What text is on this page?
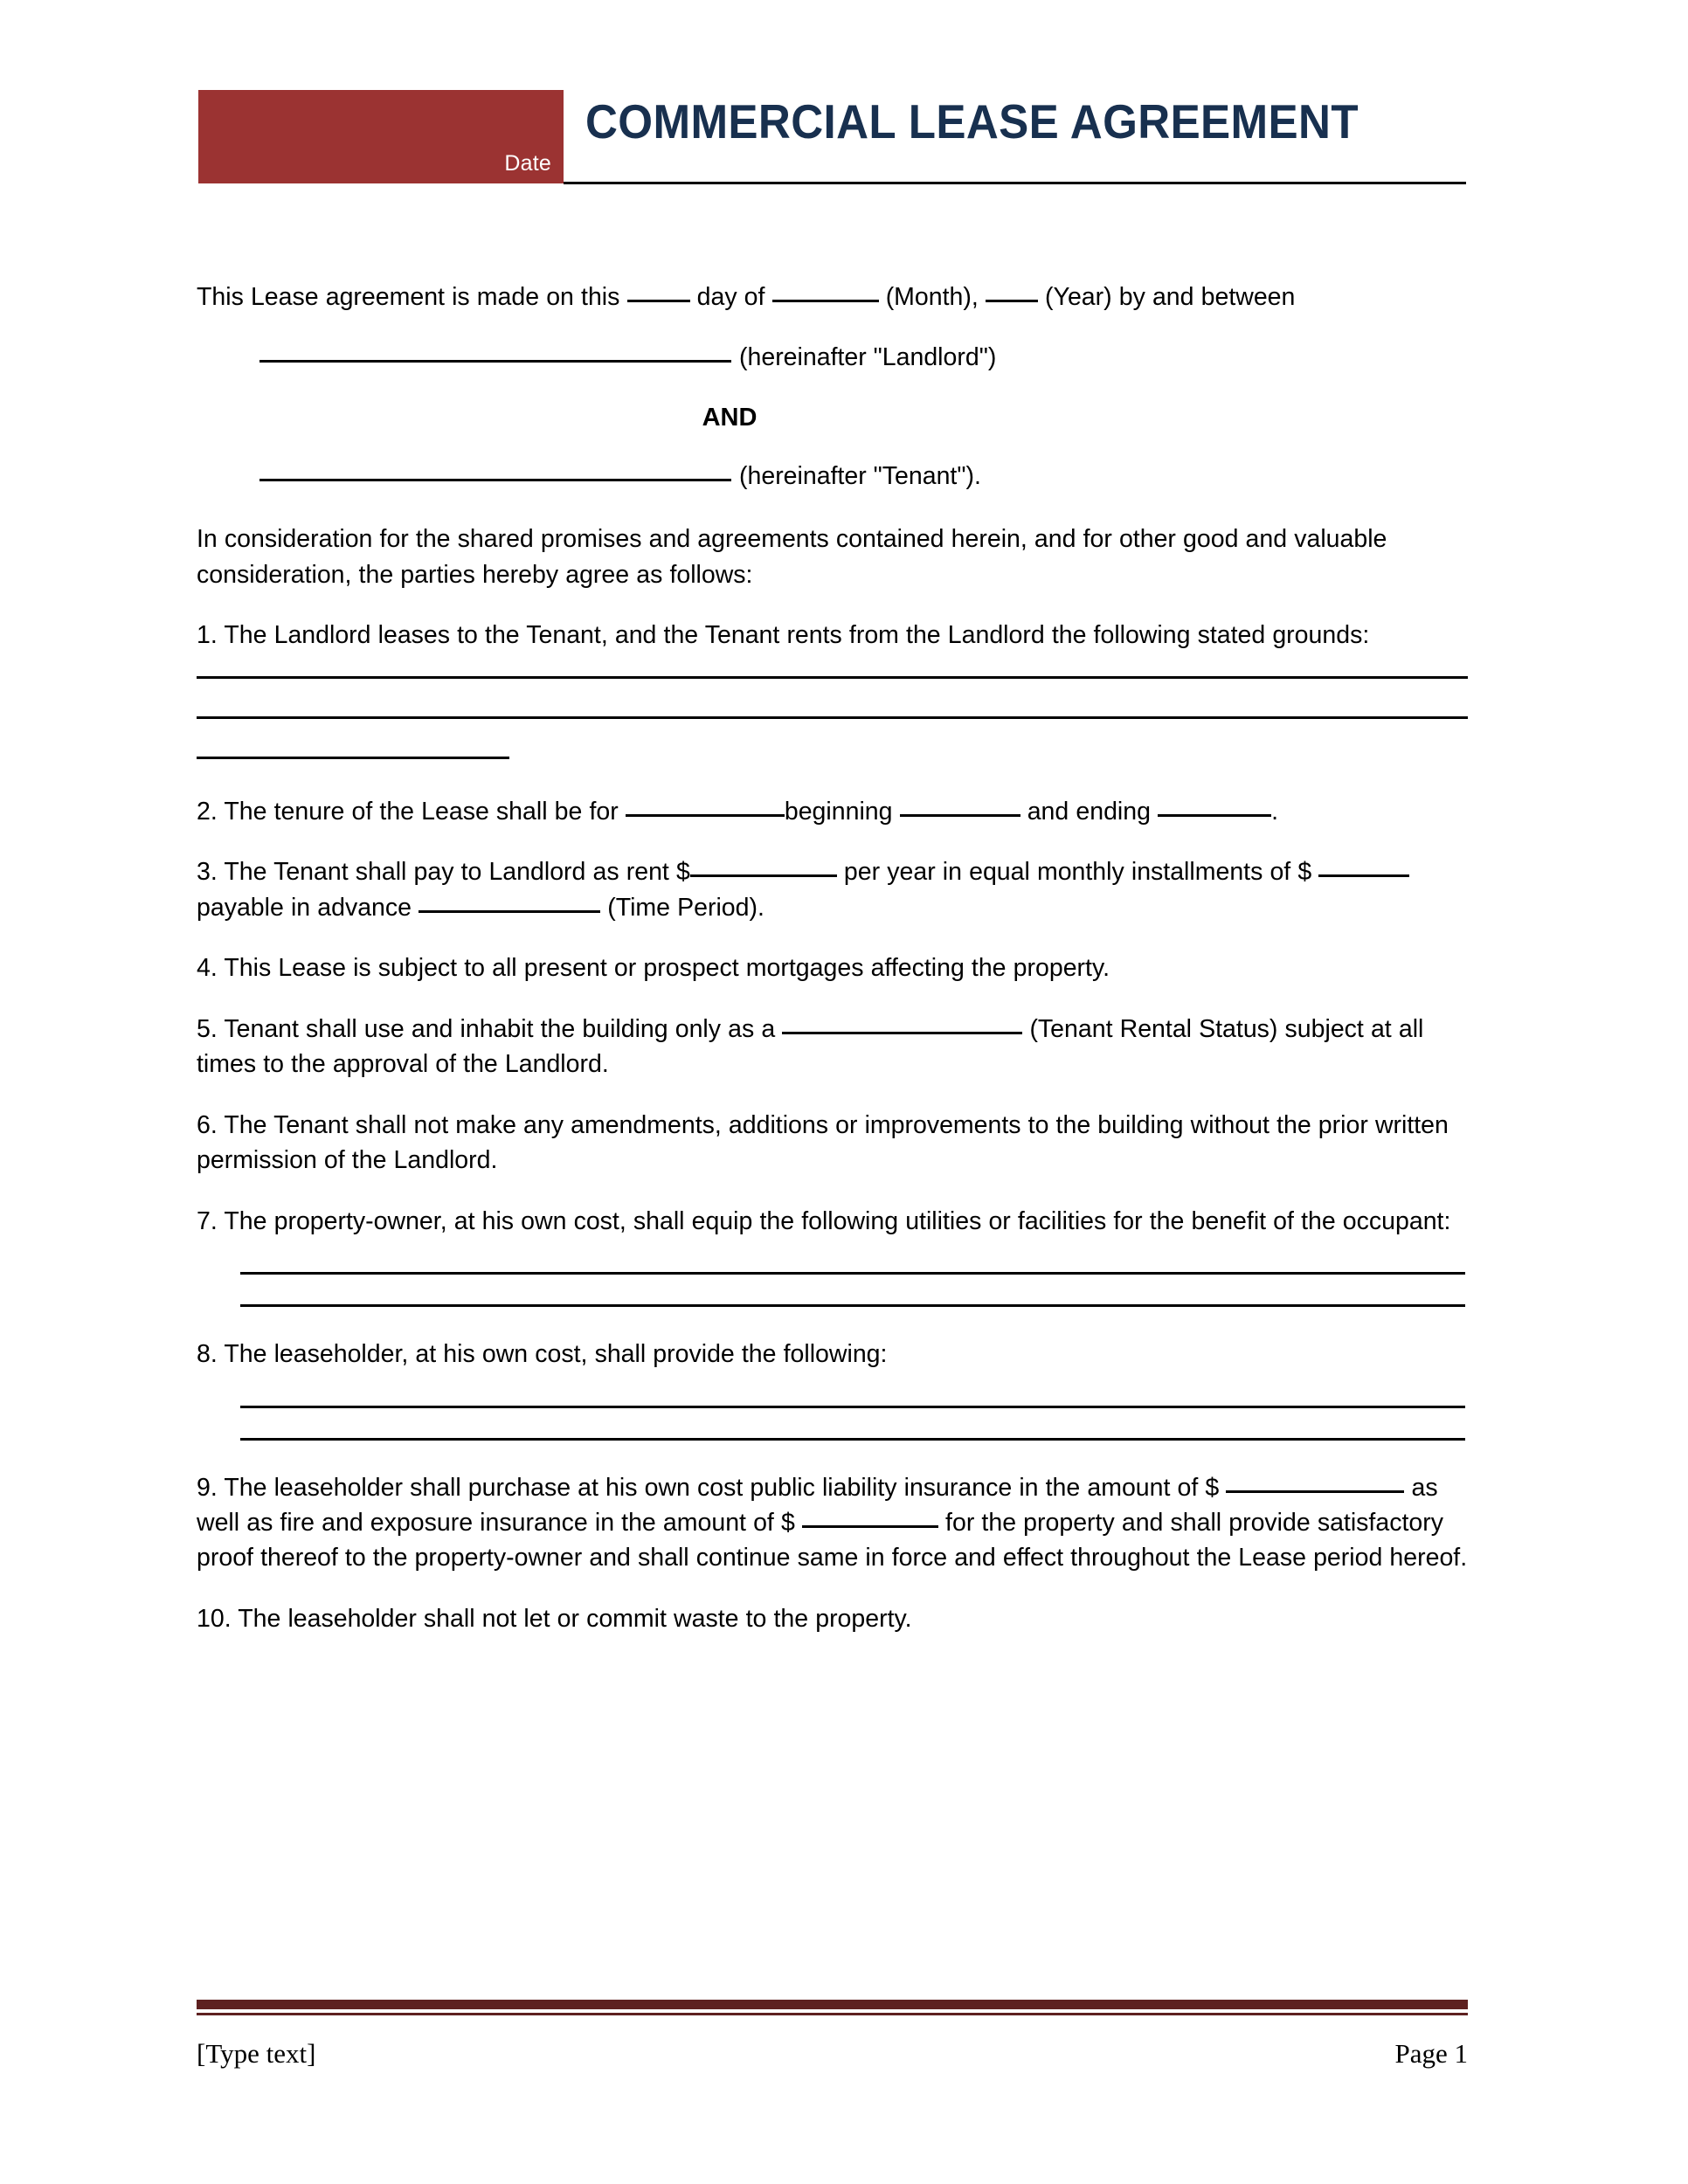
Date
COMMERCIAL LEASE AGREEMENT

This Lease agreement is made on this	day of	(Month),  (Year) by and between

(hereinafter "Landlord")
AND
(hereinafter "Tenant").

In consideration for the shared promises and agreements contained herein, and for other good and valuable consideration, the parties hereby agree as follows:

1. The Landlord leases to the Tenant, and the Tenant rents from the Landlord the following stated grounds:

2. The tenure of the Lease shall be for	beginning	and ending	.

3. The Tenant shall pay to Landlord as rent $	per year in equal monthly installments of $  payable in advance	(Time Period).

4. This Lease is subject to all present or prospect mortgages affecting the property.

5. Tenant shall use and inhabit the building only as a	(Tenant Rental Status) subject at all times to the approval of the Landlord.

6. The Tenant shall not make any amendments, additions or improvements to the building without the prior written permission of the Landlord.

7. The property-owner, at his own cost, shall equip the following utilities or facilities for the benefit of the occupant:

8. The leaseholder, at his own cost, shall provide the following:

9. The leaseholder shall purchase at his own cost public liability insurance in the amount of $	as well as fire and exposure insurance in the amount of $	for the property and shall provide satisfactory proof thereof to the property-owner and shall continue same in force and effect throughout the Lease period hereof.

10. The leaseholder shall not let or commit waste to the property.

[Type text]	Page 1
